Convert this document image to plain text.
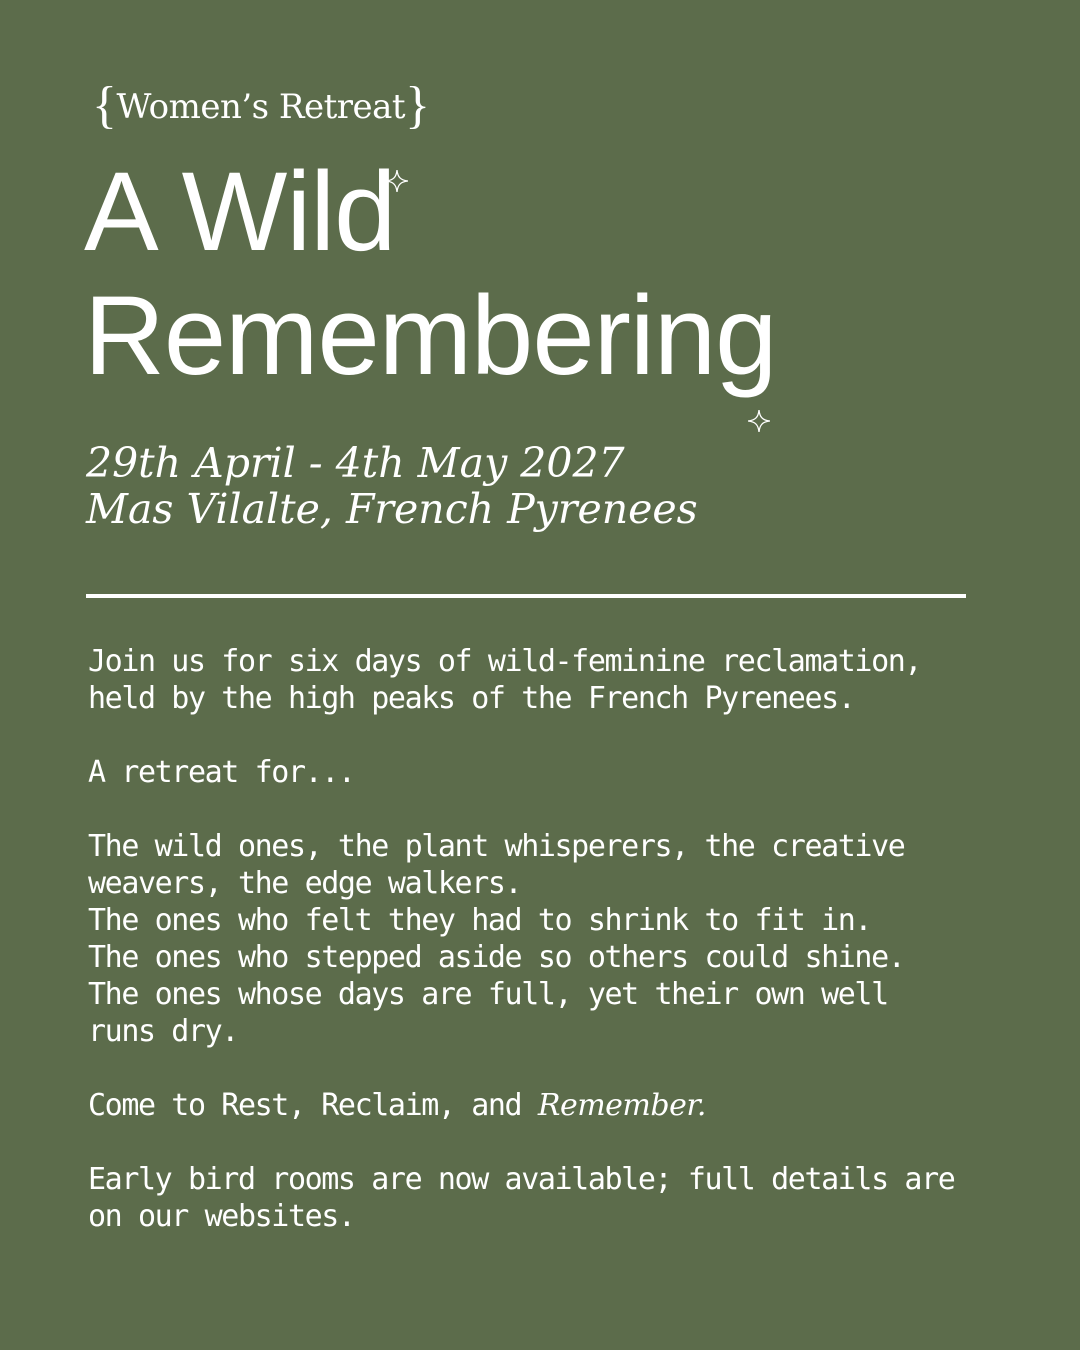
{Women’s Retreat}
A Wild
Remembering
29th April - 4th May 2027
Mas Vilalte, French Pyrenees

Join us for six days of wild-feminine reclamation,
held by the high peaks of the French Pyrenees.

A retreat for...

The wild ones, the plant whisperers, the creative
weavers, the edge walkers.
The ones who felt they had to shrink to fit in.
The ones who stepped aside so others could shine.
The ones whose days are full, yet their own well
runs dry.

Come to Rest, Reclaim, and Remember.

Early bird rooms are now available; full details are
on our websites.
